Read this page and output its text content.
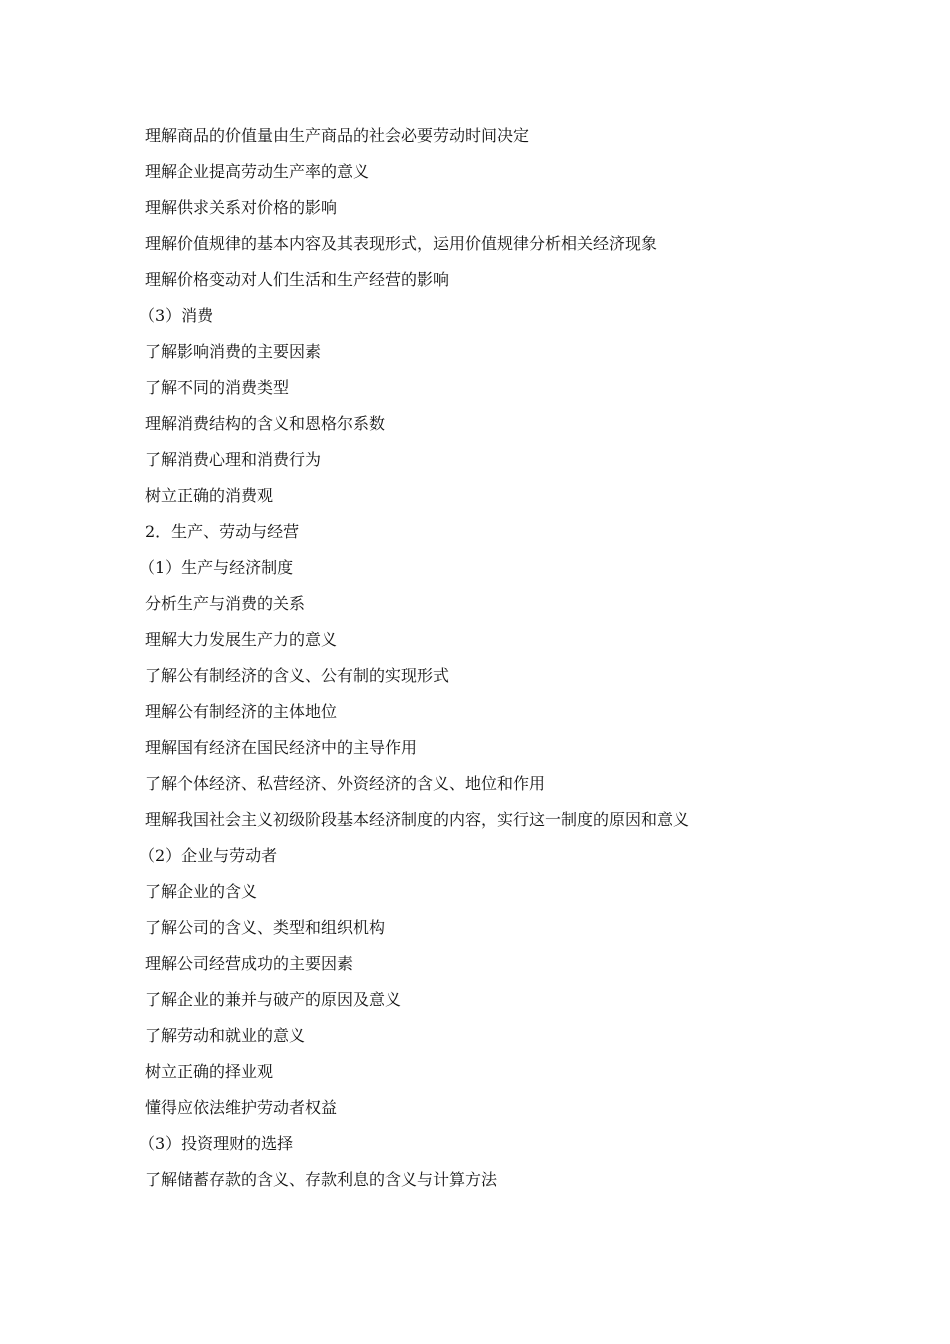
理解商品的价值量由生产商品的社会必要劳动时间决定
理解企业提高劳动生产率的意义
理解供求关系对价格的影响
理解价值规律的基本内容及其表现形式，运用价值规律分析相关经济现象
理解价格变动对人们生活和生产经营的影响
（3）消费
了解影响消费的主要因素
了解不同的消费类型
理解消费结构的含义和恩格尔系数
了解消费心理和消费行为
树立正确的消费观
2．生产、劳动与经营
（1）生产与经济制度
分析生产与消费的关系
理解大力发展生产力的意义
了解公有制经济的含义、公有制的实现形式
理解公有制经济的主体地位
理解国有经济在国民经济中的主导作用
了解个体经济、私营经济、外资经济的含义、地位和作用
理解我国社会主义初级阶段基本经济制度的内容，实行这一制度的原因和意义
（2）企业与劳动者
了解企业的含义
了解公司的含义、类型和组织机构
理解公司经营成功的主要因素
了解企业的兼并与破产的原因及意义
了解劳动和就业的意义
树立正确的择业观
懂得应依法维护劳动者权益
（3）投资理财的选择
了解储蓄存款的含义、存款利息的含义与计算方法
